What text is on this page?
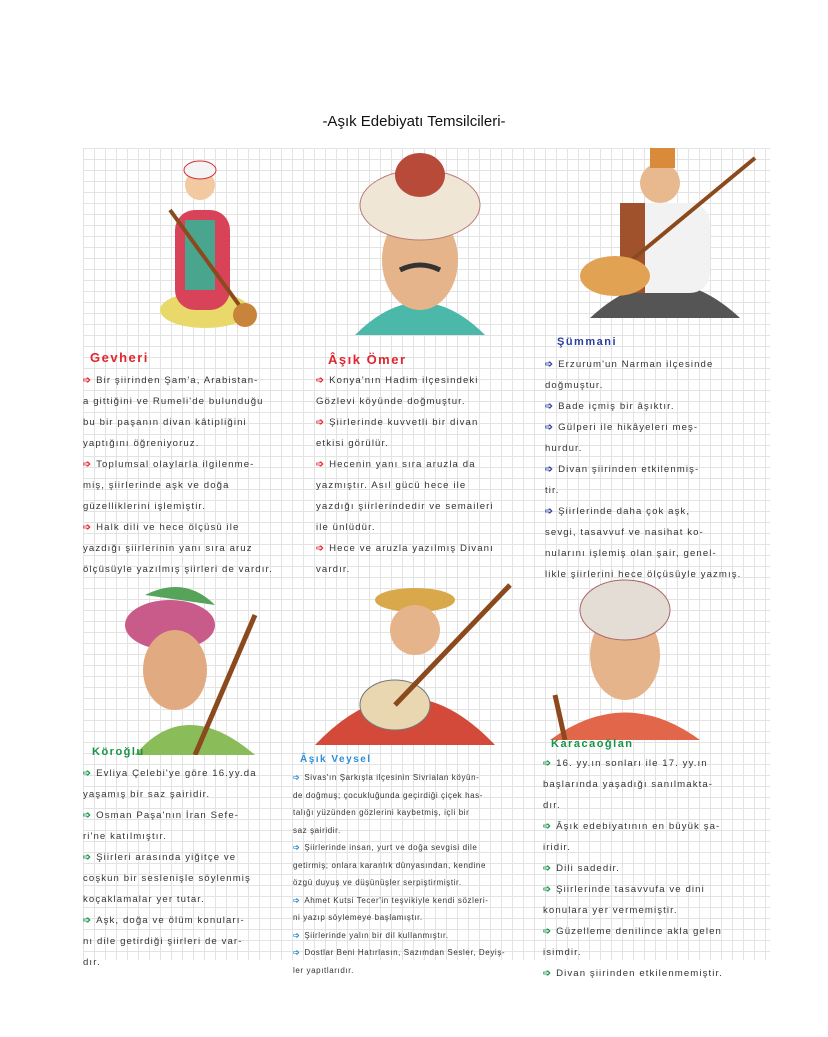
-Aşık Edebiyatı Temsilcileri-
Gevheri
➩ Bir şiirinden Şam'a, Arabistan-
a gittiğini ve Rumeli'de bulunduğu
bu bir paşanın divan kâtipliğini
yaptığını öğreniyoruz.
➩ Toplumsal olaylarla ilgilenme-
miş, şiirlerinde aşk ve doğa
güzelliklerini işlemiştir.
➩ Halk dili ve hece ölçüsü ile
yazdığı şiirlerinin yanı sıra aruz
ölçüsüyle yazılmış şiirleri de vardır.
Âşık Ömer
➩ Konya'nın Hadim ilçesindeki
Gözlevi köyünde doğmuştur.
➩ Şiirlerinde kuvvetli bir divan
etkisi görülür.
➩ Hecenin yanı sıra aruzla da
yazmıştır. Asıl gücü hece ile
yazdığı şiirlerindedir ve semaileri
ile ünlüdür.
➩ Hece ve aruzla yazılmış Divanı
vardır.
Şümmani
➩ Erzurum'un Narman ilçesinde
doğmuştur.
➩ Bade içmiş bir âşıktır.
➩ Gülperi ile hikâyeleri meş-
hurdur.
➩ Divan şiirinden etkilenmiş-
tir.
➩ Şiirlerinde daha çok aşk,
sevgi, tasavvuf ve nasihat ko-
nularını işlemiş olan şair, genel-
likle şiirlerini hece ölçüsüyle yazmış.
Köroğlu
➩ Evliya Çelebi'ye göre 16.yy.da
yaşamış bir saz şairidir.
➩ Osman Paşa'nın İran Sefe-
ri'ne katılmıştır.
➩ Şiirleri arasında yiğitçe ve
coşkun bir seslenişle söylenmiş
koçaklamalar yer tutar.
➩ Aşk, doğa ve ölüm konuları-
nı dile getirdiği şiirleri de var-
dır.
Âşık Veysel
➩ Sivas'ın Şarkışla ilçesinin Sivrialan köyün-
de doğmuş; çocukluğunda geçirdiği çiçek has-
talığı yüzünden gözlerini kaybetmiş, içli bir
saz şairidir.
➩ Şiirlerinde insan, yurt ve doğa sevgisi dile
getirmiş; onlara karanlık dünyasından, kendine
özgü duyuş ve düşünüşler serpiştirmiştir.
➩ Ahmet Kutsi Tecer'in teşvikiyle kendi sözleri-
ni yazıp söylemeye başlamıştır.
➩ Şiirlerinde yalın bir dil kullanmıştır.
➩ Dostlar Beni Hatırlasın, Sazımdan Sesler, Deyiş-
ler yapıtlarıdır.
Karacaoğlan
➩ 16. yy.ın sonları ile 17. yy.ın
başlarında yaşadığı sanılmakta-
dır.
➩ Âşık edebiyatının en büyük şa-
iridir.
➩ Dili sadedir.
➩ Şiirlerinde tasavvufa ve dini
konulara yer vermemiştir.
➩ Güzelleme denilince akla gelen
isimdir.
➩ Divan şiirinden etkilenmemiştir.
